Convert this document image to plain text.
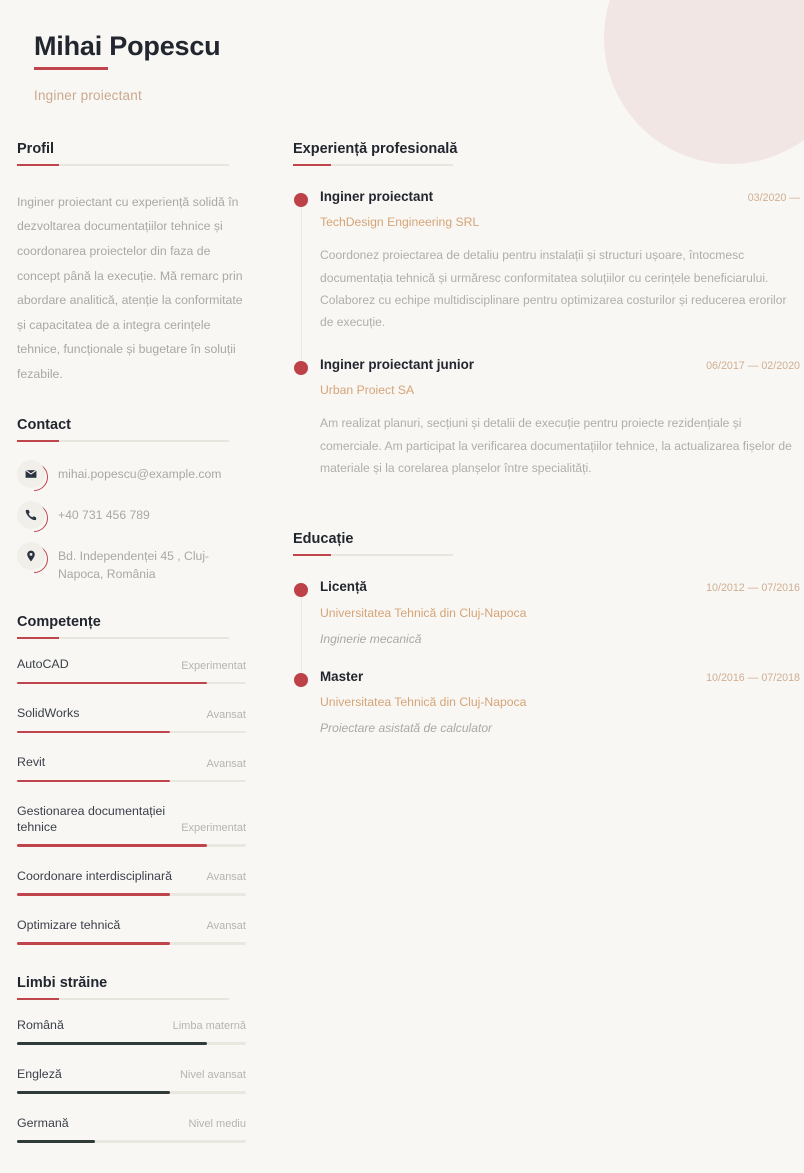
Mihai Popescu

Inginer proiectant

Profil

Inginer proiectant cu experiență solidă în dezvoltarea documentațiilor tehnice și coordonarea proiectelor din faza de concept până la execuție. Mă remarc prin abordare analitică, atenție la conformitate și capacitatea de a integra cerințele tehnice, funcționale și bugetare în soluții fezabile.

Contact
mihai.popescu@example.com
+40 731 456 789
Bd. Independenței 45 , Cluj-Napoca, România
Competențe
AutoCAD	Experimentat
SolidWorks	Avansat
Revit	Avansat
Gestionarea documentației tehnice	Experimentat
Coordonare interdisciplinară	Avansat
Optimizare tehnică	Avansat
Limbi străine
Română	Limba maternă
Engleză	Nivel avansat
Germană	Nivel mediu
Experiență profesională
Inginer proiectant	03/2020 —
TechDesign Engineering SRL
Coordonez proiectarea de detaliu pentru instalații și structuri ușoare, întocmesc documentația tehnică și urmăresc conformitatea soluțiilor cu cerințele beneficiarului. Colaborez cu echipe multidisciplinare pentru optimizarea costurilor și reducerea erorilor de execuție.
Inginer proiectant junior	06/2017 — 02/2020
Urban Proiect SA
Am realizat planuri, secțiuni și detalii de execuție pentru proiecte rezidențiale și comerciale. Am participat la verificarea documentațiilor tehnice, la actualizarea fișelor de materiale și la corelarea planșelor între specialități.
Educație
Licență	10/2012 — 07/2016
Universitatea Tehnică din Cluj-Napoca
Inginerie mecanică
Master	10/2016 — 07/2018
Universitatea Tehnică din Cluj-Napoca
Proiectare asistată de calculator
